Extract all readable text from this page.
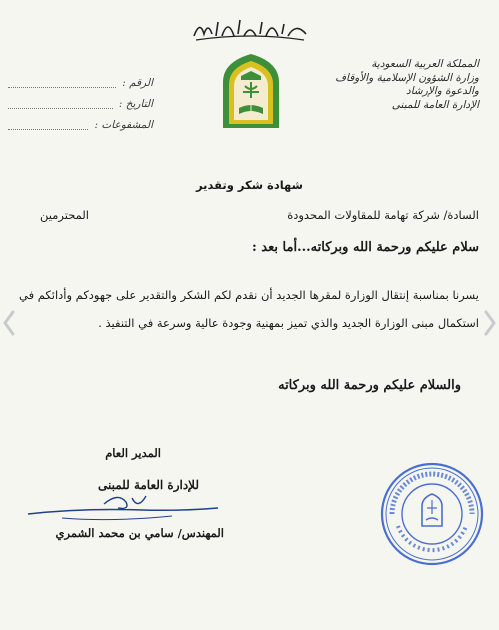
المملكة العربية السعودية
وزارة الشؤون الإسلامية والأوقاف
والدعوة والإرشاد
الإدارة العامة للمبنى
الرقم :
التاريخ :
المشفوعات :
شهادة شكر وتقدير
السادة/ شركة تهامة للمقاولات المحدودة
المحترمين
سلام عليكم ورحمة الله وبركاته...أما بعد :
يسرنا بمناسبة إنتقال الوزارة لمقرها الجديد أن نقدم لكم الشكر والتقدير على جهودكم وأدائكم في استكمال مبنى الوزارة الجديد والذي تميز بمهنية وجودة عالية وسرعة في التنفيذ .
والسلام عليكم ورحمة الله وبركاته
المدير العام
للإدارة العامة للمبنى
المهندس/ سامي بن محمد الشمري
